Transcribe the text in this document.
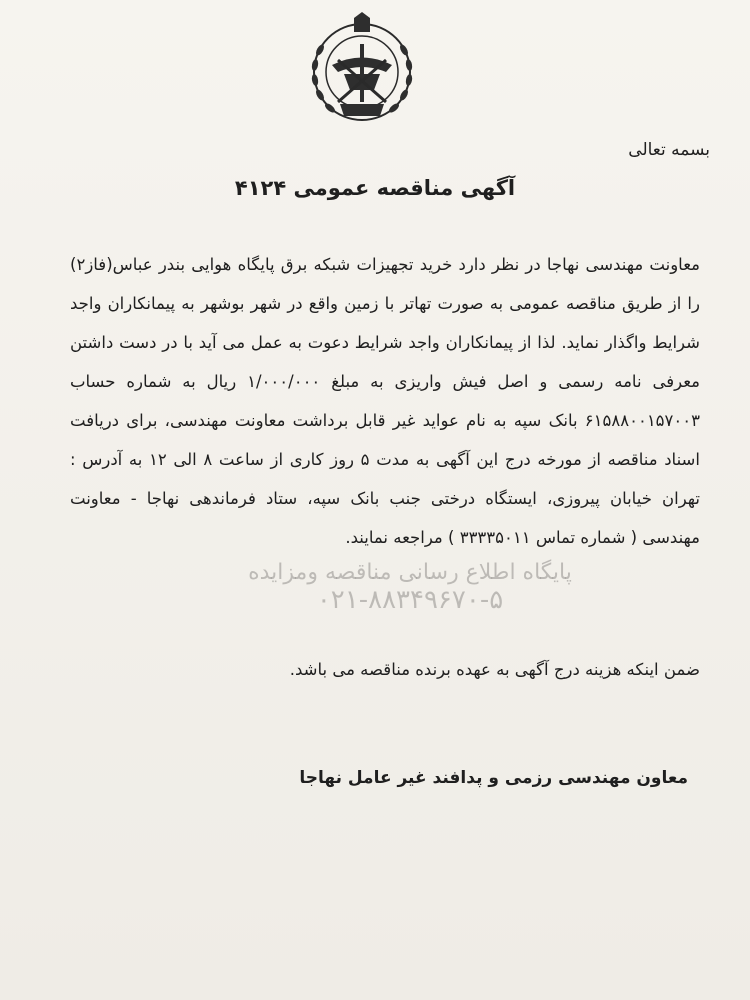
بسمه تعالی
آگهی مناقصه عمومی ۴۱۲۴

معاونت مهندسی نهاجا در نظر دارد خرید تجهیزات شبکه برق پایگاه هوایی بندر عباس(فاز۲) را از طریق مناقصه عمومی به صورت تهاتر با زمین واقع در شهر بوشهر به پیمانکاران واجد شرایط واگذار نماید. لذا از پیمانکاران واجد شرایط دعوت به عمل می آید با در دست داشتن معرفی نامه رسمی و اصل فیش واریزی به مبلغ ۱/۰۰۰/۰۰۰ ریال به شماره حساب ۶۱۵۸۸۰۰۱۵۷۰۰۳ بانک سپه به نام عواید غیر قابل برداشت معاونت مهندسی، برای دریافت اسناد مناقصه از مورخه درج این آگهی به مدت ۵ روز کاری از ساعت ۸ الی ۱۲ به آدرس : تهران خیابان پیروزی، ایستگاه درختی جنب بانک سپه، ستاد فرماندهی نهاجا - معاونت مهندسی ( شماره تماس ۳۳۳۳۵۰۱۱ ) مراجعه نمایند.

پایگاه اطلاع رسانی مناقصه ومزایده
۰۲۱-۸۸۳۴۹۶۷۰-۵
ضمن اینکه هزینه درج آگهی به عهده برنده مناقصه می باشد.
معاون مهندسی رزمی و پدافند غیر عامل نهاجا
